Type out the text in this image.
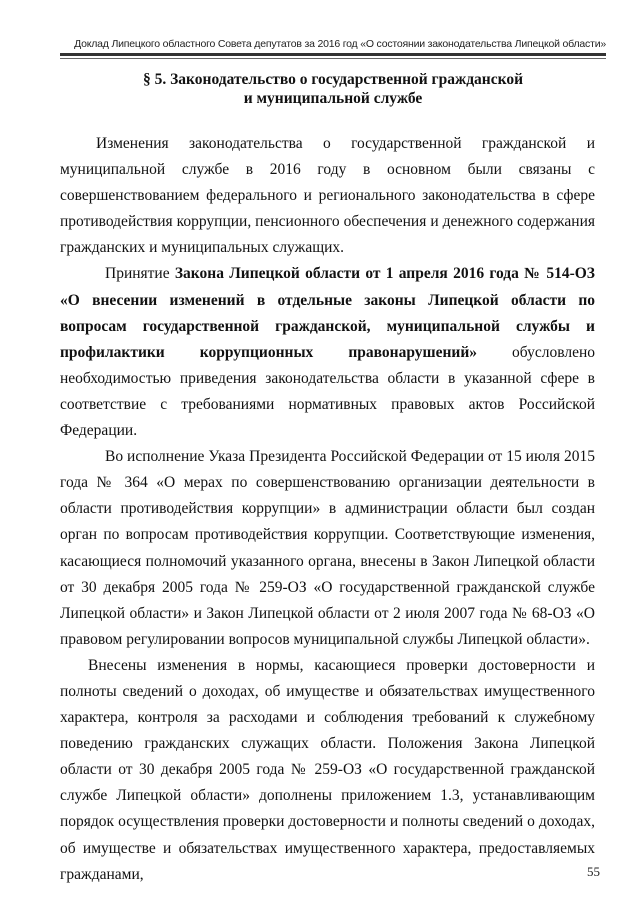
Доклад Липецкого областного Совета депутатов за 2016 год «О состоянии законодательства Липецкой области»
§ 5. Законодательство о государственной гражданской
и муниципальной службе

Изменения законодательства о государственной гражданской и муниципальной службе в 2016 году в основном были связаны с совершенствованием федерального и регионального законодательства в сфере противодействия коррупции, пенсионного обеспечения и денежного содержания гражданских и муниципальных служащих.

Принятие Закона Липецкой области от 1 апреля 2016 года № 514-ОЗ «О внесении изменений в отдельные законы Липецкой области по вопросам государственной гражданской, муниципальной службы и профилактики коррупционных правонарушений» обусловлено необходимостью приведения законодательства области в указанной сфере в соответствие с требованиями нормативных правовых актов Российской Федерации.

Во исполнение Указа Президента Российской Федерации от 15 июля 2015 года № 364 «О мерах по совершенствованию организации деятельности в области противодействия коррупции» в администрации области был создан орган по вопросам противодействия коррупции. Соответствующие изменения, касающиеся полномочий указанного органа, внесены в Закон Липецкой области от 30 декабря 2005 года № 259-ОЗ «О государственной гражданской службе Липецкой области» и Закон Липецкой области от 2 июля 2007 года № 68-ОЗ «О правовом регулировании вопросов муниципальной службы Липецкой области».

Внесены изменения в нормы, касающиеся проверки достоверности и полноты сведений о доходах, об имуществе и обязательствах имущественного характера, контроля за расходами и соблюдения требований к служебному поведению гражданских служащих области. Положения Закона Липецкой области от 30 декабря 2005 года № 259-ОЗ «О государственной гражданской службе Липецкой области» дополнены приложением 1.3, устанавливающим порядок осуществления проверки достоверности и полноты сведений о доходах, об имуществе и обязательствах имущественного характера, предоставляемых гражданами,	55
